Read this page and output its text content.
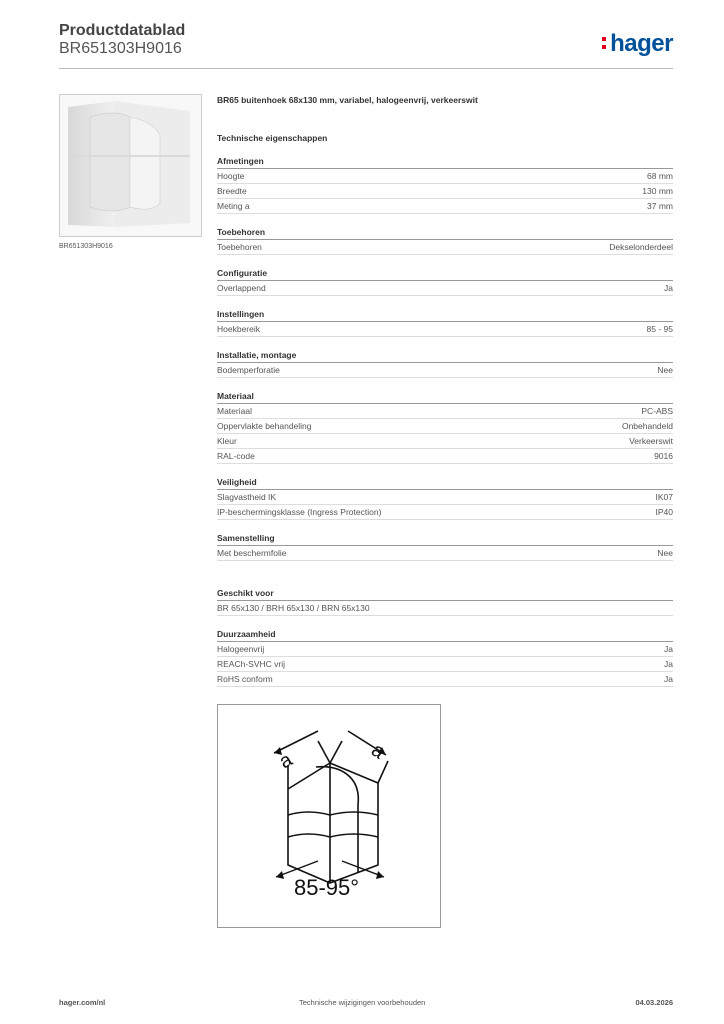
Productdatablad
BR651303H9016	hager
BR651303H9016
BR65 buitenhoek 68x130 mm, variabel, halogeenvrij, verkeerswit
Technische eigenschappen
Afmetingen
Hoogte	68 mm
Breedte	130 mm
Meting a	37 mm
Toebehoren
Toebehoren	Dekselonderdeel
Configuratie
Overlappend	Ja
Instellingen
Hoekbereik	85 - 95
Installatie, montage
Bodemperforatie	Nee
Materiaal
Materiaal	PC-ABS
Oppervlakte behandeling	Onbehandeld
Kleur	Verkeerswit
RAL-code	9016
Veiligheid
Slagvastheid IK	IK07
IP-beschermingsklasse (Ingress Protection)	IP40
Samenstelling
Met beschermfolie	Nee
Geschikt voor
BR 65x130 / BRH 65x130 / BRN 65x130
Duurzaamheid
Halogeenvrij	Ja
REACh-SVHC vrij	Ja
RoHS conform	Ja
a	a
85-95°
hager.com/nl	Technische wijzigingen voorbehouden	04.03.2026
